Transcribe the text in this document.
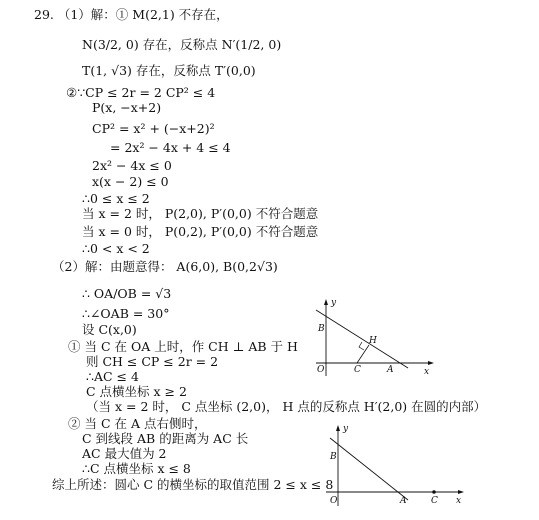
29. （1）解：① M(2,1) 不存在，
N(3/2, 0) 存在，反称点 N′(1/2, 0)
T(1, √3) 存在，反称点 T′(0,0)
②∵CP ≤ 2r = 2 CP² ≤ 4
P(x, −x+2)
CP² = x² + (−x+2)²
= 2x² − 4x + 4 ≤ 4
2x² − 4x ≤ 0
x(x − 2) ≤ 0
∴0 ≤ x ≤ 2
当 x = 2 时， P(2,0), P′(0,0) 不符合题意
当 x = 0 时， P(0,2), P′(0,0) 不符合题意
∴0 < x < 2
（2）解：由题意得： A(6,0), B(0,2√3)
∴ OA/OB = √3
∴∠OAB = 30°
设 C(x,0)
① 当 C 在 OA 上时，作 CH ⊥ AB 于 H
则 CH ≤ CP ≤ 2r = 2
∴AC ≤ 4
C 点横坐标 x ≥ 2
（当 x = 2 时， C 点坐标 (2,0)， H 点的反称点 H′(2,0) 在圆的内部）
② 当 C 在 A 点右侧时，
C 到线段 AB 的距离为 AC 长
AC 最大值为 2
∴C 点横坐标 x ≤ 8
综上所述：圆心 C 的横坐标的取值范围 2 ≤ x ≤ 8
y
B
H
O	C	A	x
y
B
O	A	C x
